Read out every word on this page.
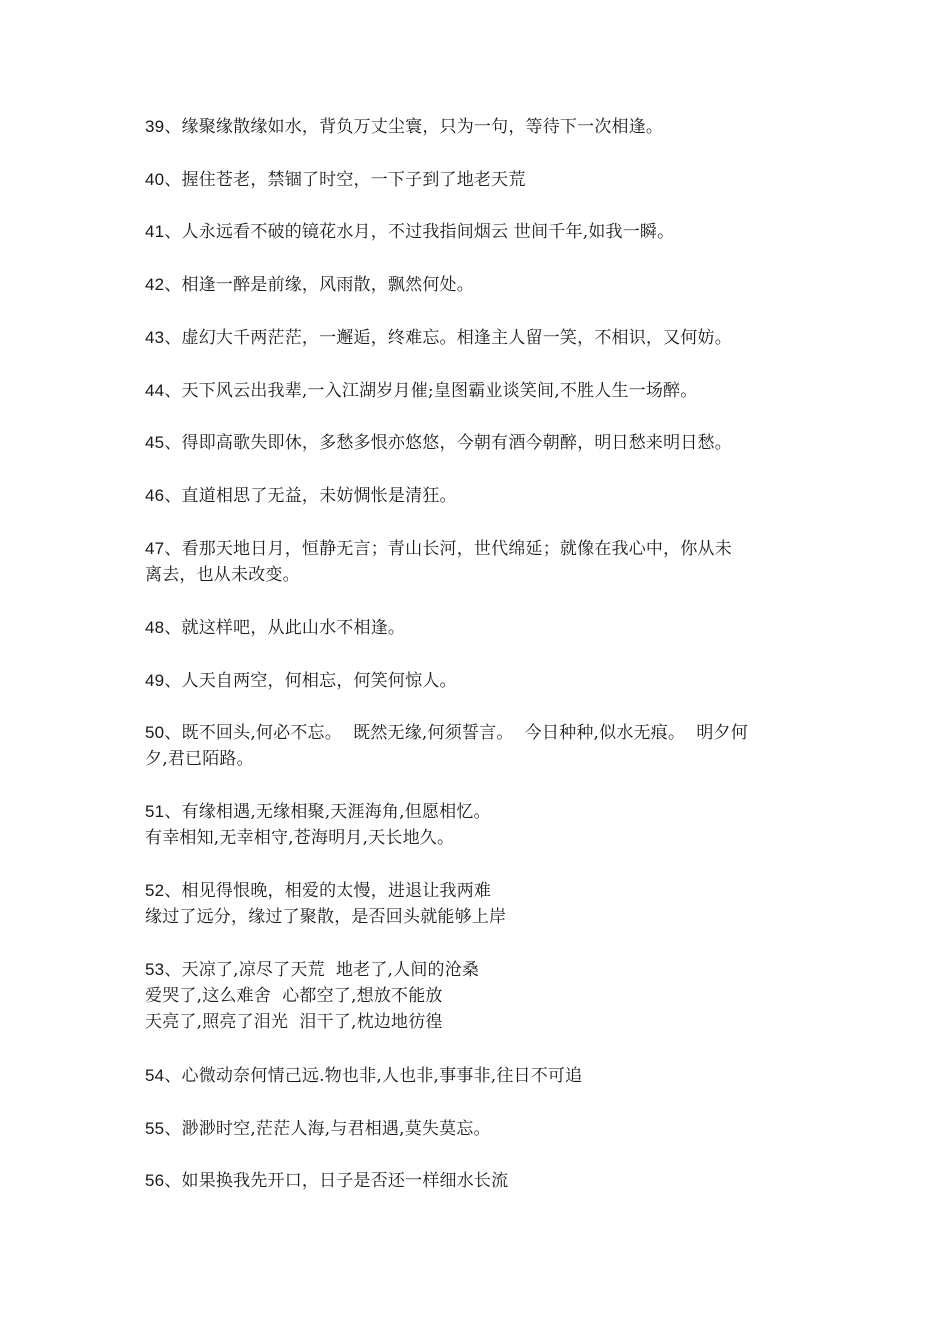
39、缘聚缘散缘如水，背负万丈尘寰，只为一句，等待下一次相逢。
40、握住苍老，禁锢了时空，一下子到了地老天荒
41、人永远看不破的镜花水月，不过我指间烟云 世间千年,如我一瞬。
42、相逢一醉是前缘，风雨散，飘然何处。
43、虚幻大千两茫茫，一邂逅，终难忘。相逢主人留一笑，不相识，又何妨。
44、天下风云出我辈,一入江湖岁月催;皇图霸业谈笑间,不胜人生一场醉。
45、得即高歌失即休，多愁多恨亦悠悠，今朝有酒今朝醉，明日愁来明日愁。
46、直道相思了无益，未妨惆怅是清狂。
47、看那天地日月，恒静无言；青山长河，世代绵延；就像在我心中，你从未
离去，也从未改变。
48、就这样吧，从此山水不相逢。
49、人天自两空，何相忘，何笑何惊人。
50、既不回头,何必不忘。  既然无缘,何须誓言。  今日种种,似水无痕。  明夕何
夕,君已陌路。
51、有缘相遇,无缘相聚,天涯海角,但愿相忆。
有幸相知,无幸相守,苍海明月,天长地久。
52、相见得恨晚，相爱的太慢，进退让我两难
缘过了远分，缘过了聚散，是否回头就能够上岸
53、天凉了,凉尽了天荒  地老了,人间的沧桑
爱哭了,这么难舍  心都空了,想放不能放
天亮了,照亮了泪光  泪干了,枕边地彷徨
54、心微动奈何情己远.物也非,人也非,事事非,往日不可追
55、渺渺时空,茫茫人海,与君相遇,莫失莫忘。
56、如果换我先开口，日子是否还一样细水长流
